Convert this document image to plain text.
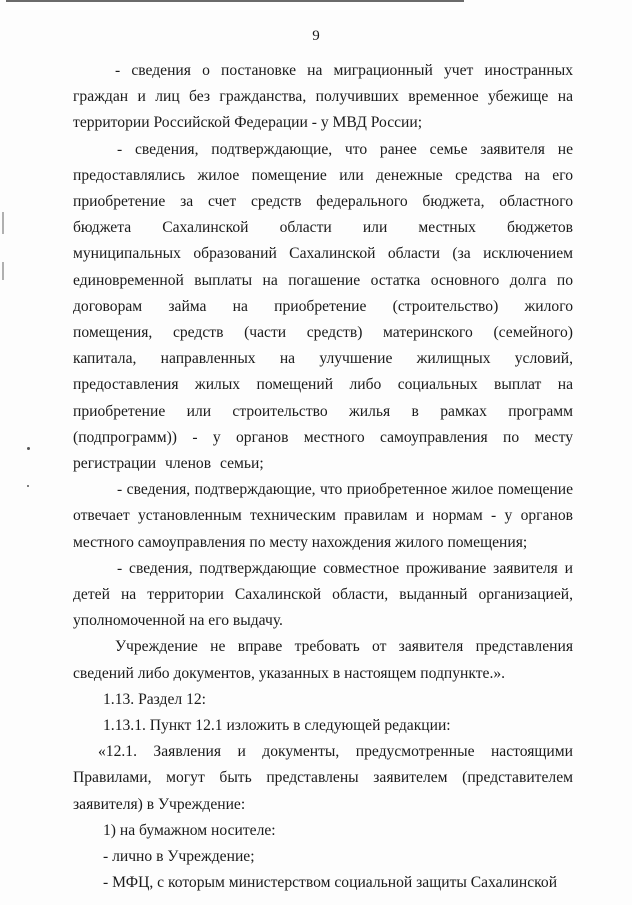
9

- сведения о постановке на миграционный учет иностранных граждан и лиц без гражданства, получивших временное убежище на территории Российской Федерации - у МВД России;

- сведения, подтверждающие, что ранее семье заявителя не предоставлялись жилое помещение или денежные средства на его приобретение за счет средств федерального бюджета, областного бюджета Сахалинской области или местных бюджетов муниципальных образований Сахалинской области (за исключением единовременной выплаты на погашение остатка основного долга по договорам займа на приобретение (строительство) жилого помещения, средств (части средств) материнского (семейного) капитала, направленных на улучшение жилищных условий, предоставления жилых помещений либо социальных выплат на приобретение или строительство жилья в рамках программ (подпрограмм)) - у органов местного самоуправления по месту регистрации членов семьи;

- сведения, подтверждающие, что приобретенное жилое помещение отвечает установленным техническим правилам и нормам - у органов местного самоуправления по месту нахождения жилого помещения;

- сведения, подтверждающие совместное проживание заявителя и детей на территории Сахалинской области, выданный организацией, уполномоченной на его выдачу.

Учреждение не вправе требовать от заявителя представления сведений либо документов, указанных в настоящем подпункте.».

1.13. Раздел 12:

1.13.1. Пункт 12.1 изложить в следующей редакции:

«12.1. Заявления и документы, предусмотренные настоящими Правилами, могут быть представлены заявителем (представителем заявителя) в Учреждение:

1) на бумажном носителе:

- лично в Учреждение;

- МФЦ, с которым министерством социальной защиты Сахалинской
